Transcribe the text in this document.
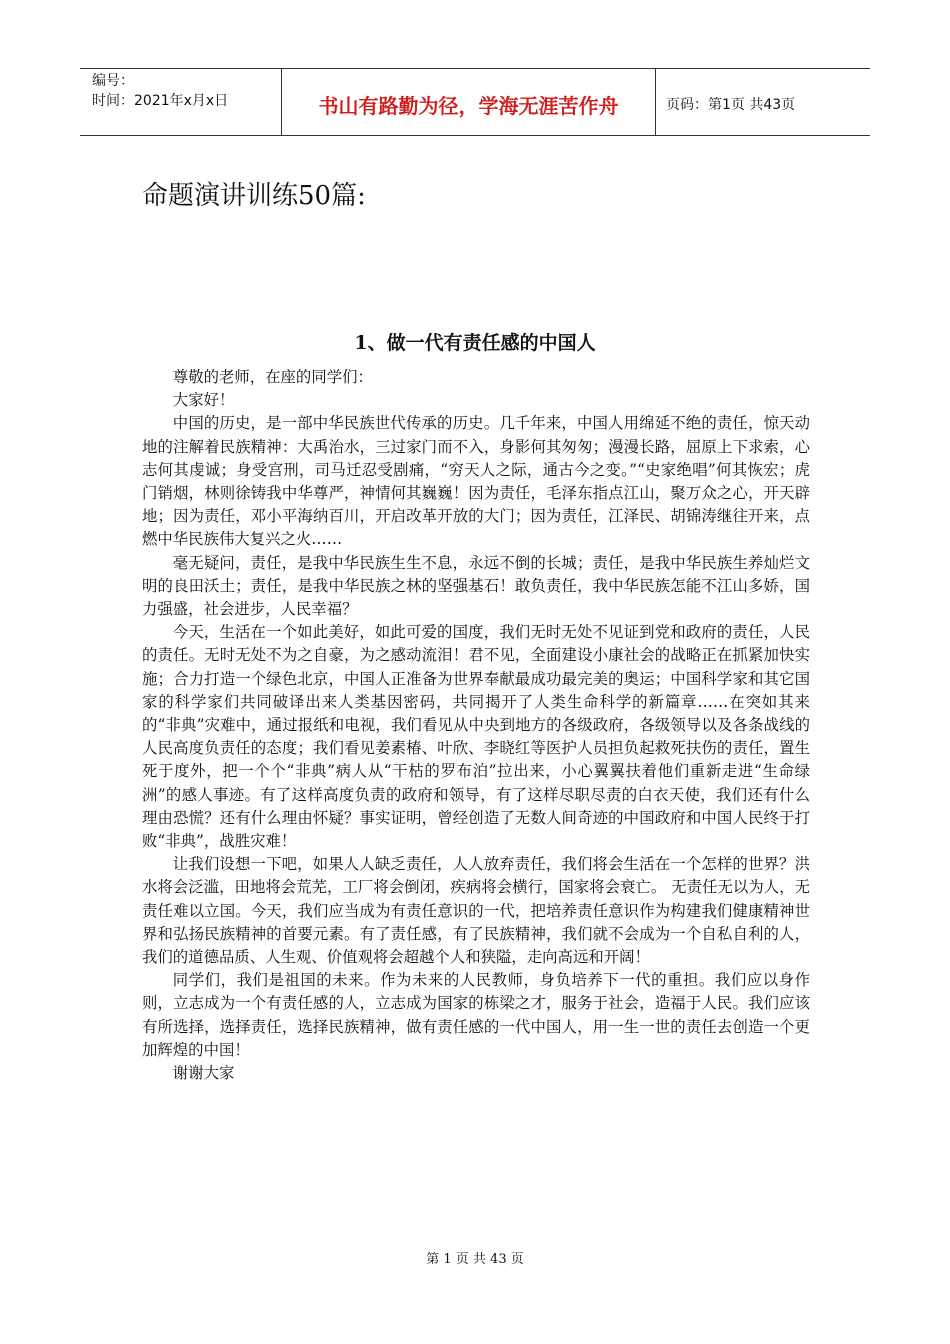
编号：
时间：2021年x月x日	书山有路勤为径，学海无涯苦作舟	页码：第1页 共43页
命题演讲训练50篇:
1、做一代有责任感的中国人

尊敬的老师，在座的同学们：

大家好！

中国的历史，是一部中华民族世代传承的历史。几千年来，中国人用绵延不绝的责任，惊天动地的注解着民族精神：大禹治水，三过家门而不入，身影何其匆匆；漫漫长路，屈原上下求索，心志何其虔诚；身受宫刑，司马迁忍受剧痛，“穷天人之际，通古今之变。”“史家绝唱”何其恢宏；虎门销烟，林则徐铸我中华尊严，神情何其巍巍！因为责任，毛泽东指点江山，聚万众之心，开天辟地；因为责任，邓小平海纳百川，开启改革开放的大门；因为责任，江泽民、胡锦涛继往开来，点燃中华民族伟大复兴之火……

毫无疑问，责任，是我中华民族生生不息，永远不倒的长城；责任，是我中华民族生养灿烂文明的良田沃土；责任，是我中华民族之林的坚强基石！敢负责任，我中华民族怎能不江山多娇，国力强盛，社会进步，人民幸福？

今天，生活在一个如此美好，如此可爱的国度，我们无时无处不见证到党和政府的责任，人民的责任。无时无处不为之自豪，为之感动流泪！君不见，全面建设小康社会的战略正在抓紧加快实施；合力打造一个绿色北京，中国人正准备为世界奉献最成功最完美的奥运；中国科学家和其它国家的科学家们共同破译出来人类基因密码，共同揭开了人类生命科学的新篇章……在突如其来的“非典”灾难中，通过报纸和电视，我们看见从中央到地方的各级政府，各级领导以及各条战线的人民高度负责任的态度；我们看见姜素椿、叶欣、李晓红等医护人员担负起救死扶伤的责任，置生死于度外，把一个个“非典”病人从“干枯的罗布泊”拉出来，小心翼翼扶着他们重新走进“生命绿洲”的感人事迹。有了这样高度负责的政府和领导，有了这样尽职尽责的白衣天使，我们还有什么理由恐慌？还有什么理由怀疑？事实证明，曾经创造了无数人间奇迹的中国政府和中国人民终于打败“非典”，战胜灾难！

让我们设想一下吧，如果人人缺乏责任，人人放弃责任，我们将会生活在一个怎样的世界？洪水将会泛滥，田地将会荒芜，工厂将会倒闭，疾病将会横行，国家将会衰亡。 无责任无以为人，无责任难以立国。今天，我们应当成为有责任意识的一代，把培养责任意识作为构建我们健康精神世界和弘扬民族精神的首要元素。有了责任感，有了民族精神，我们就不会成为一个自私自利的人，我们的道德品质、人生观、价值观将会超越个人和狭隘，走向高远和开阔！

同学们，我们是祖国的未来。作为未来的人民教师，身负培养下一代的重担。我们应以身作则，立志成为一个有责任感的人，立志成为国家的栋梁之才，服务于社会，造福于人民。我们应该有所选择，选择责任，选择民族精神，做有责任感的一代中国人，用一生一世的责任去创造一个更加辉煌的中国！

谢谢大家

第 1 页 共 43 页
